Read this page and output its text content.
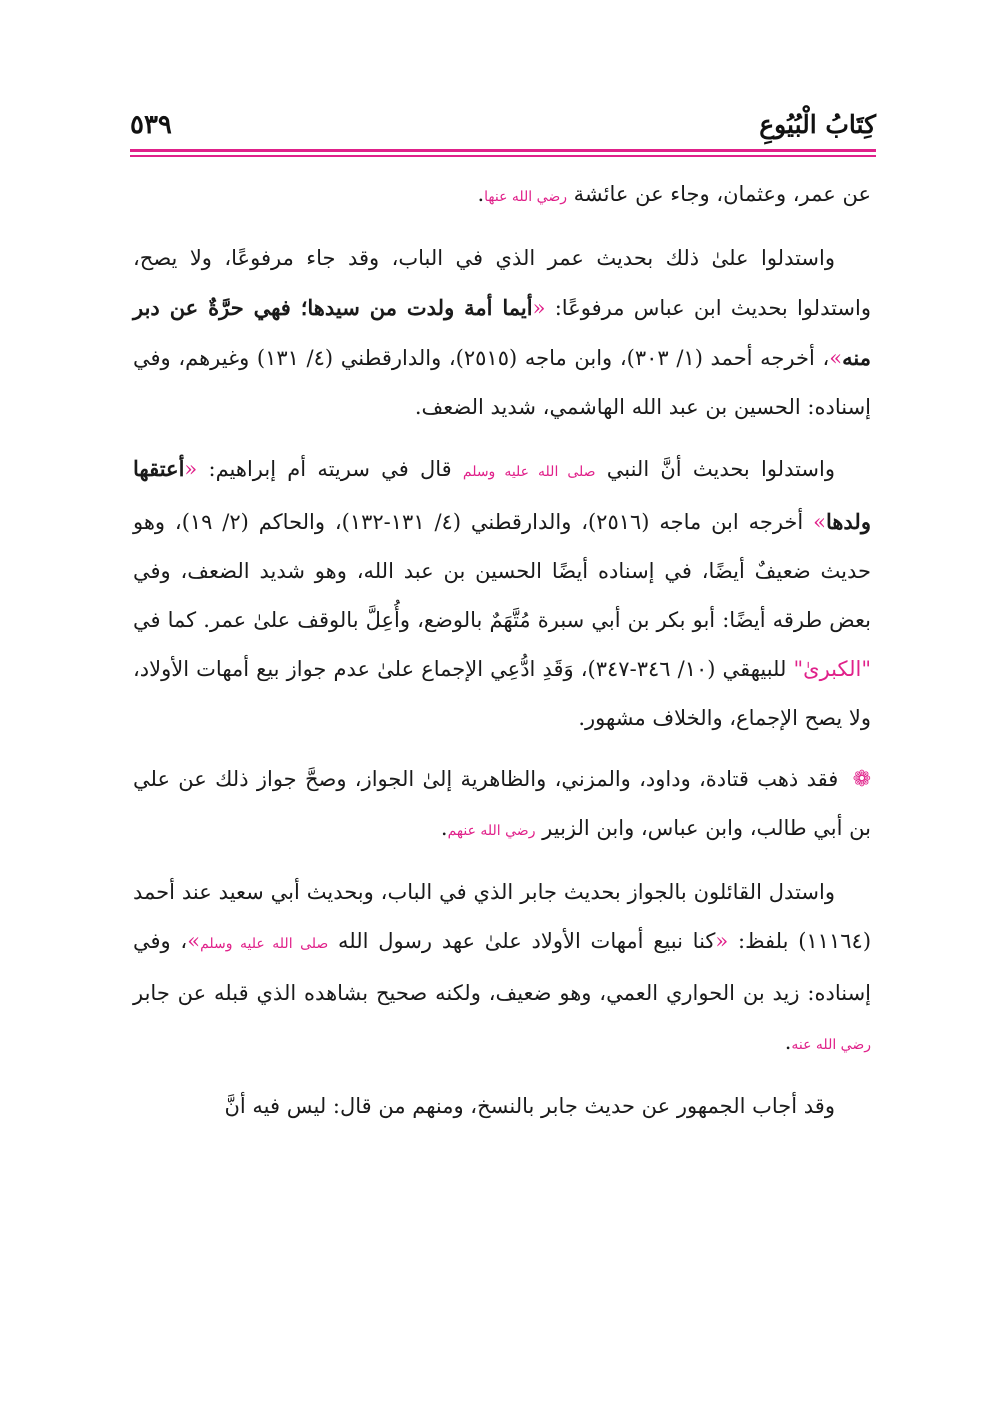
كِتَابُ الْبُيُوعِ
٥٣٩

عن عمر، وعثمان، وجاء عن عائشة رضي الله عنها.

واستدلوا علىٰ ذلك بحديث عمر الذي في الباب، وقد جاء مرفوعًا، ولا يصح، واستدلوا بحديث ابن عباس مرفوعًا: «أيما أمة ولدت من سيدها؛ فهي حرَّةٌ عن دبر منه»، أخرجه أحمد (١/ ٣٠٣)، وابن ماجه (٢٥١٥)، والدارقطني (٤/ ١٣١) وغيرهم، وفي إسناده: الحسين بن عبد الله الهاشمي، شديد الضعف.

واستدلوا بحديث أنَّ النبي صلى الله عليه وسلم قال في سريته أم إبراهيم: «أعتقها ولدها» أخرجه ابن ماجه (٢٥١٦)، والدارقطني (٤/ ١٣١-١٣٢)، والحاكم (٢/ ١٩)، وهو حديث ضعيفٌ أيضًا، في إسناده أيضًا الحسين بن عبد الله، وهو شديد الضعف، وفي بعض طرقه أيضًا: أبو بكر بن أبي سبرة مُتَّهَمٌ بالوضع، وأُعِلَّ بالوقف علىٰ عمر. كما في "الكبرىٰ" للبيهقي (١٠/ ٣٤٦-٣٤٧)، وَقَدِ ادُّعِي الإجماع علىٰ عدم جواز بيع أمهات الأولاد، ولا يصح الإجماع، والخلاف مشهور.

❁ فقد ذهب قتادة، وداود، والمزني، والظاهرية إلىٰ الجواز، وصحَّ جواز ذلك عن علي بن أبي طالب، وابن عباس، وابن الزبير رضي الله عنهم.

واستدل القائلون بالجواز بحديث جابر الذي في الباب، وبحديث أبي سعيد عند أحمد (١١١٦٤) بلفظ: «كنا نبيع أمهات الأولاد علىٰ عهد رسول الله صلى الله عليه وسلم»، وفي إسناده: زيد بن الحواري العمي، وهو ضعيف، ولكنه صحيح بشاهده الذي قبله عن جابر رضي الله عنه.

وقد أجاب الجمهور عن حديث جابر بالنسخ، ومنهم من قال: ليس فيه أنَّ
